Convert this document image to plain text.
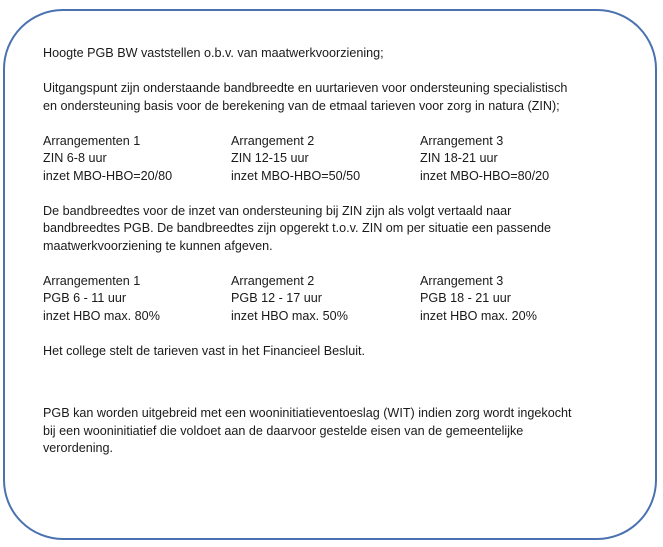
Hoogte PGB BW vaststellen o.b.v. van maatwerkvoorziening;
Uitgangspunt zijn onderstaande bandbreedte en uurtarieven voor ondersteuning specialistisch
en ondersteuning basis voor de berekening van de etmaal tarieven voor zorg in natura (ZIN);
Arrangementen 1
ZIN 6-8 uur
inzet MBO-HBO=20/80
Arrangement 2
ZIN 12-15 uur
inzet MBO-HBO=50/50
Arrangement 3
ZIN 18-21 uur
inzet MBO-HBO=80/20
De bandbreedtes voor de inzet van ondersteuning bij ZIN zijn als volgt vertaald naar
bandbreedtes PGB. De bandbreedtes zijn opgerekt t.o.v. ZIN om per situatie een passende
maatwerkvoorziening te kunnen afgeven.
Arrangementen 1
PGB 6 - 11 uur
inzet HBO max. 80%
Arrangement 2
PGB 12 - 17 uur
inzet HBO max. 50%
Arrangement 3
PGB 18 - 21 uur
inzet HBO max. 20%
Het college stelt de tarieven vast in het Financieel Besluit.
PGB kan worden uitgebreid met een wooninitiatieventoeslag (WIT) indien zorg wordt ingekocht
bij een wooninitiatief die voldoet aan de daarvoor gestelde eisen van de gemeentelijke
verordening.
